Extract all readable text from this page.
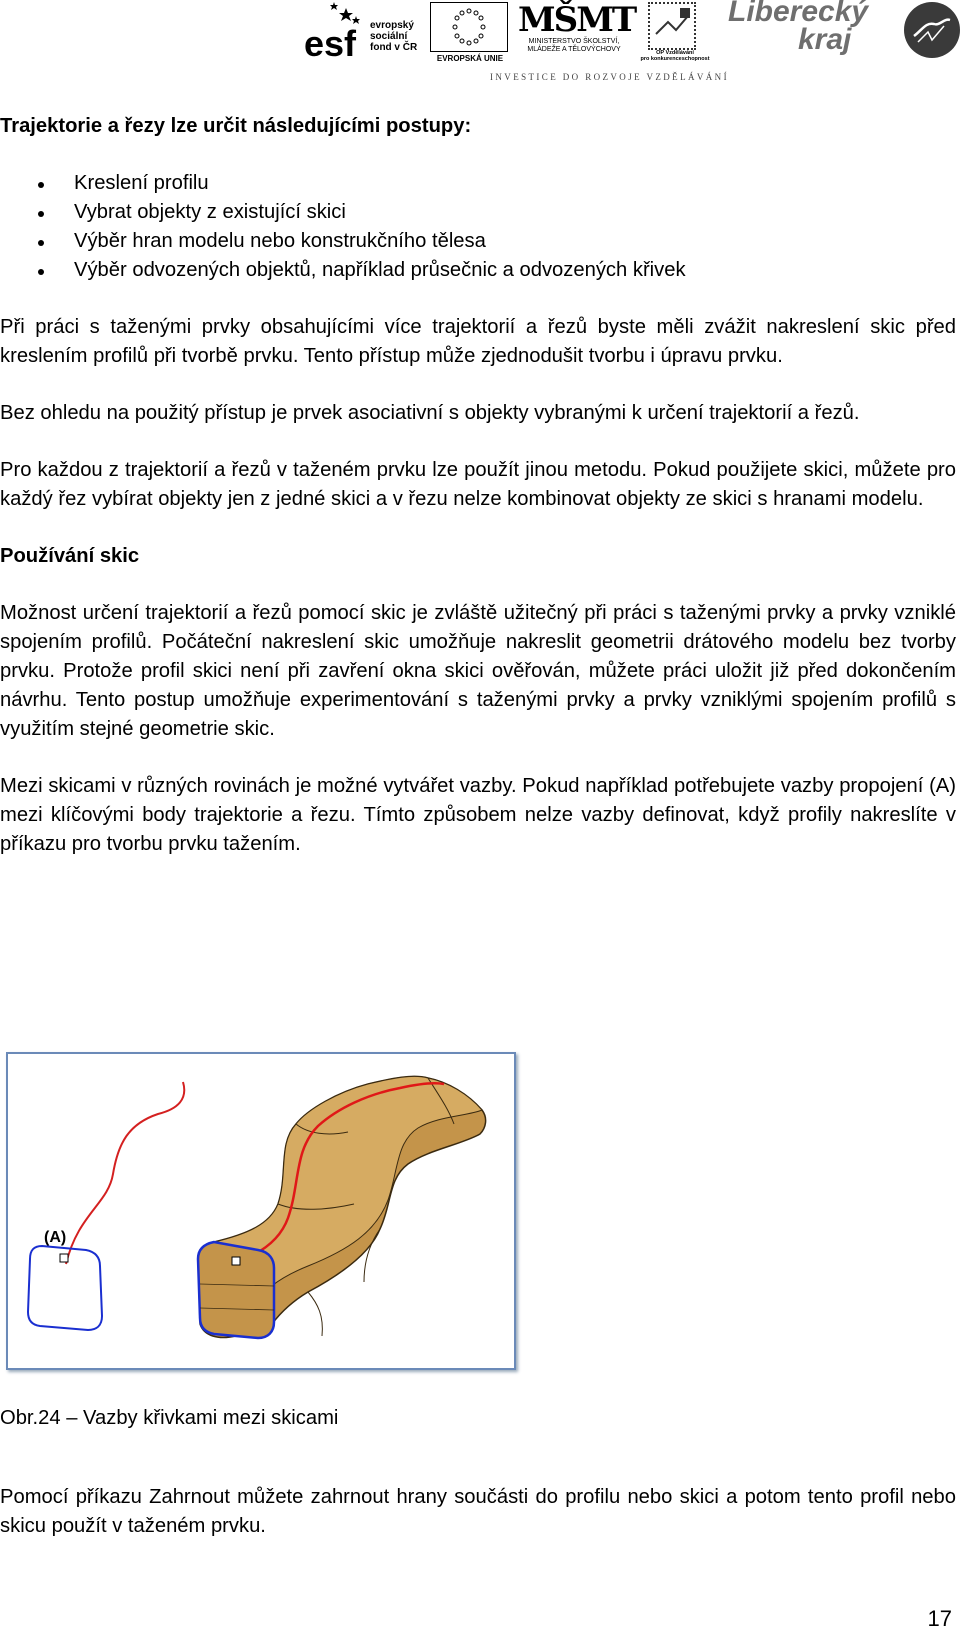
esf evropský
sociální
fond v ČR
EVROPSKÁ UNIE
MŠMT
MINISTERSTVO ŠKOLSTVÍ,
MLÁDEŽE A TĚLOVÝCHOVY	OP Vzdělávání
pro konkurenceschopnost
Liberecký
kraj
INVESTICE DO ROZVOJE VZDĚLÁVÁNÍ
Trajektorie a řezy lze určit následujícími postupy:
Kreslení profilu
Vybrat objekty z existující skici
Výběr hran modelu nebo konstrukčního tělesa
Výběr odvozených objektů, například průsečnic a odvozených křivek

Při práci s taženými prvky obsahujícími více trajektorií a řezů byste měli zvážit nakreslení skic před kreslením profilů při tvorbě prvku. Tento přístup může zjednodušit tvorbu i úpravu prvku.

Bez ohledu na použitý přístup je prvek asociativní s objekty vybranými k určení trajektorií a řezů.

Pro každou z trajektorií a řezů v taženém prvku lze použít jinou metodu. Pokud použijete skici, můžete pro každý řez vybírat objekty jen z jedné skici a v řezu nelze kombinovat objekty ze skici s hranami modelu.

Používání skic

Možnost určení trajektorií a řezů pomocí skic je zvláště užitečný při práci s taženými prvky a prvky vzniklé spojením profilů. Počáteční nakreslení skic umožňuje nakreslit geometrii drátového modelu bez tvorby prvku. Protože profil skici není při zavření okna skici ověřován, můžete práci uložit již před dokončením návrhu. Tento postup umožňuje experimentování s taženými prvky a prvky vzniklými spojením profilů s využitím stejné geometrie skic.

Mezi skicami v různých rovinách je možné vytvářet vazby. Pokud například potřebujete vazby propojení (A) mezi klíčovými body trajektorie a řezu. Tímto způsobem nelze vazby definovat, když profily nakreslíte v příkazu pro tvorbu prvku tažením.

(A)
Obr.24 – Vazby křivkami mezi skicami

Pomocí příkazu Zahrnout můžete zahrnout hrany součásti do profilu nebo skici a potom tento profil nebo skicu použít v taženém prvku.

17
